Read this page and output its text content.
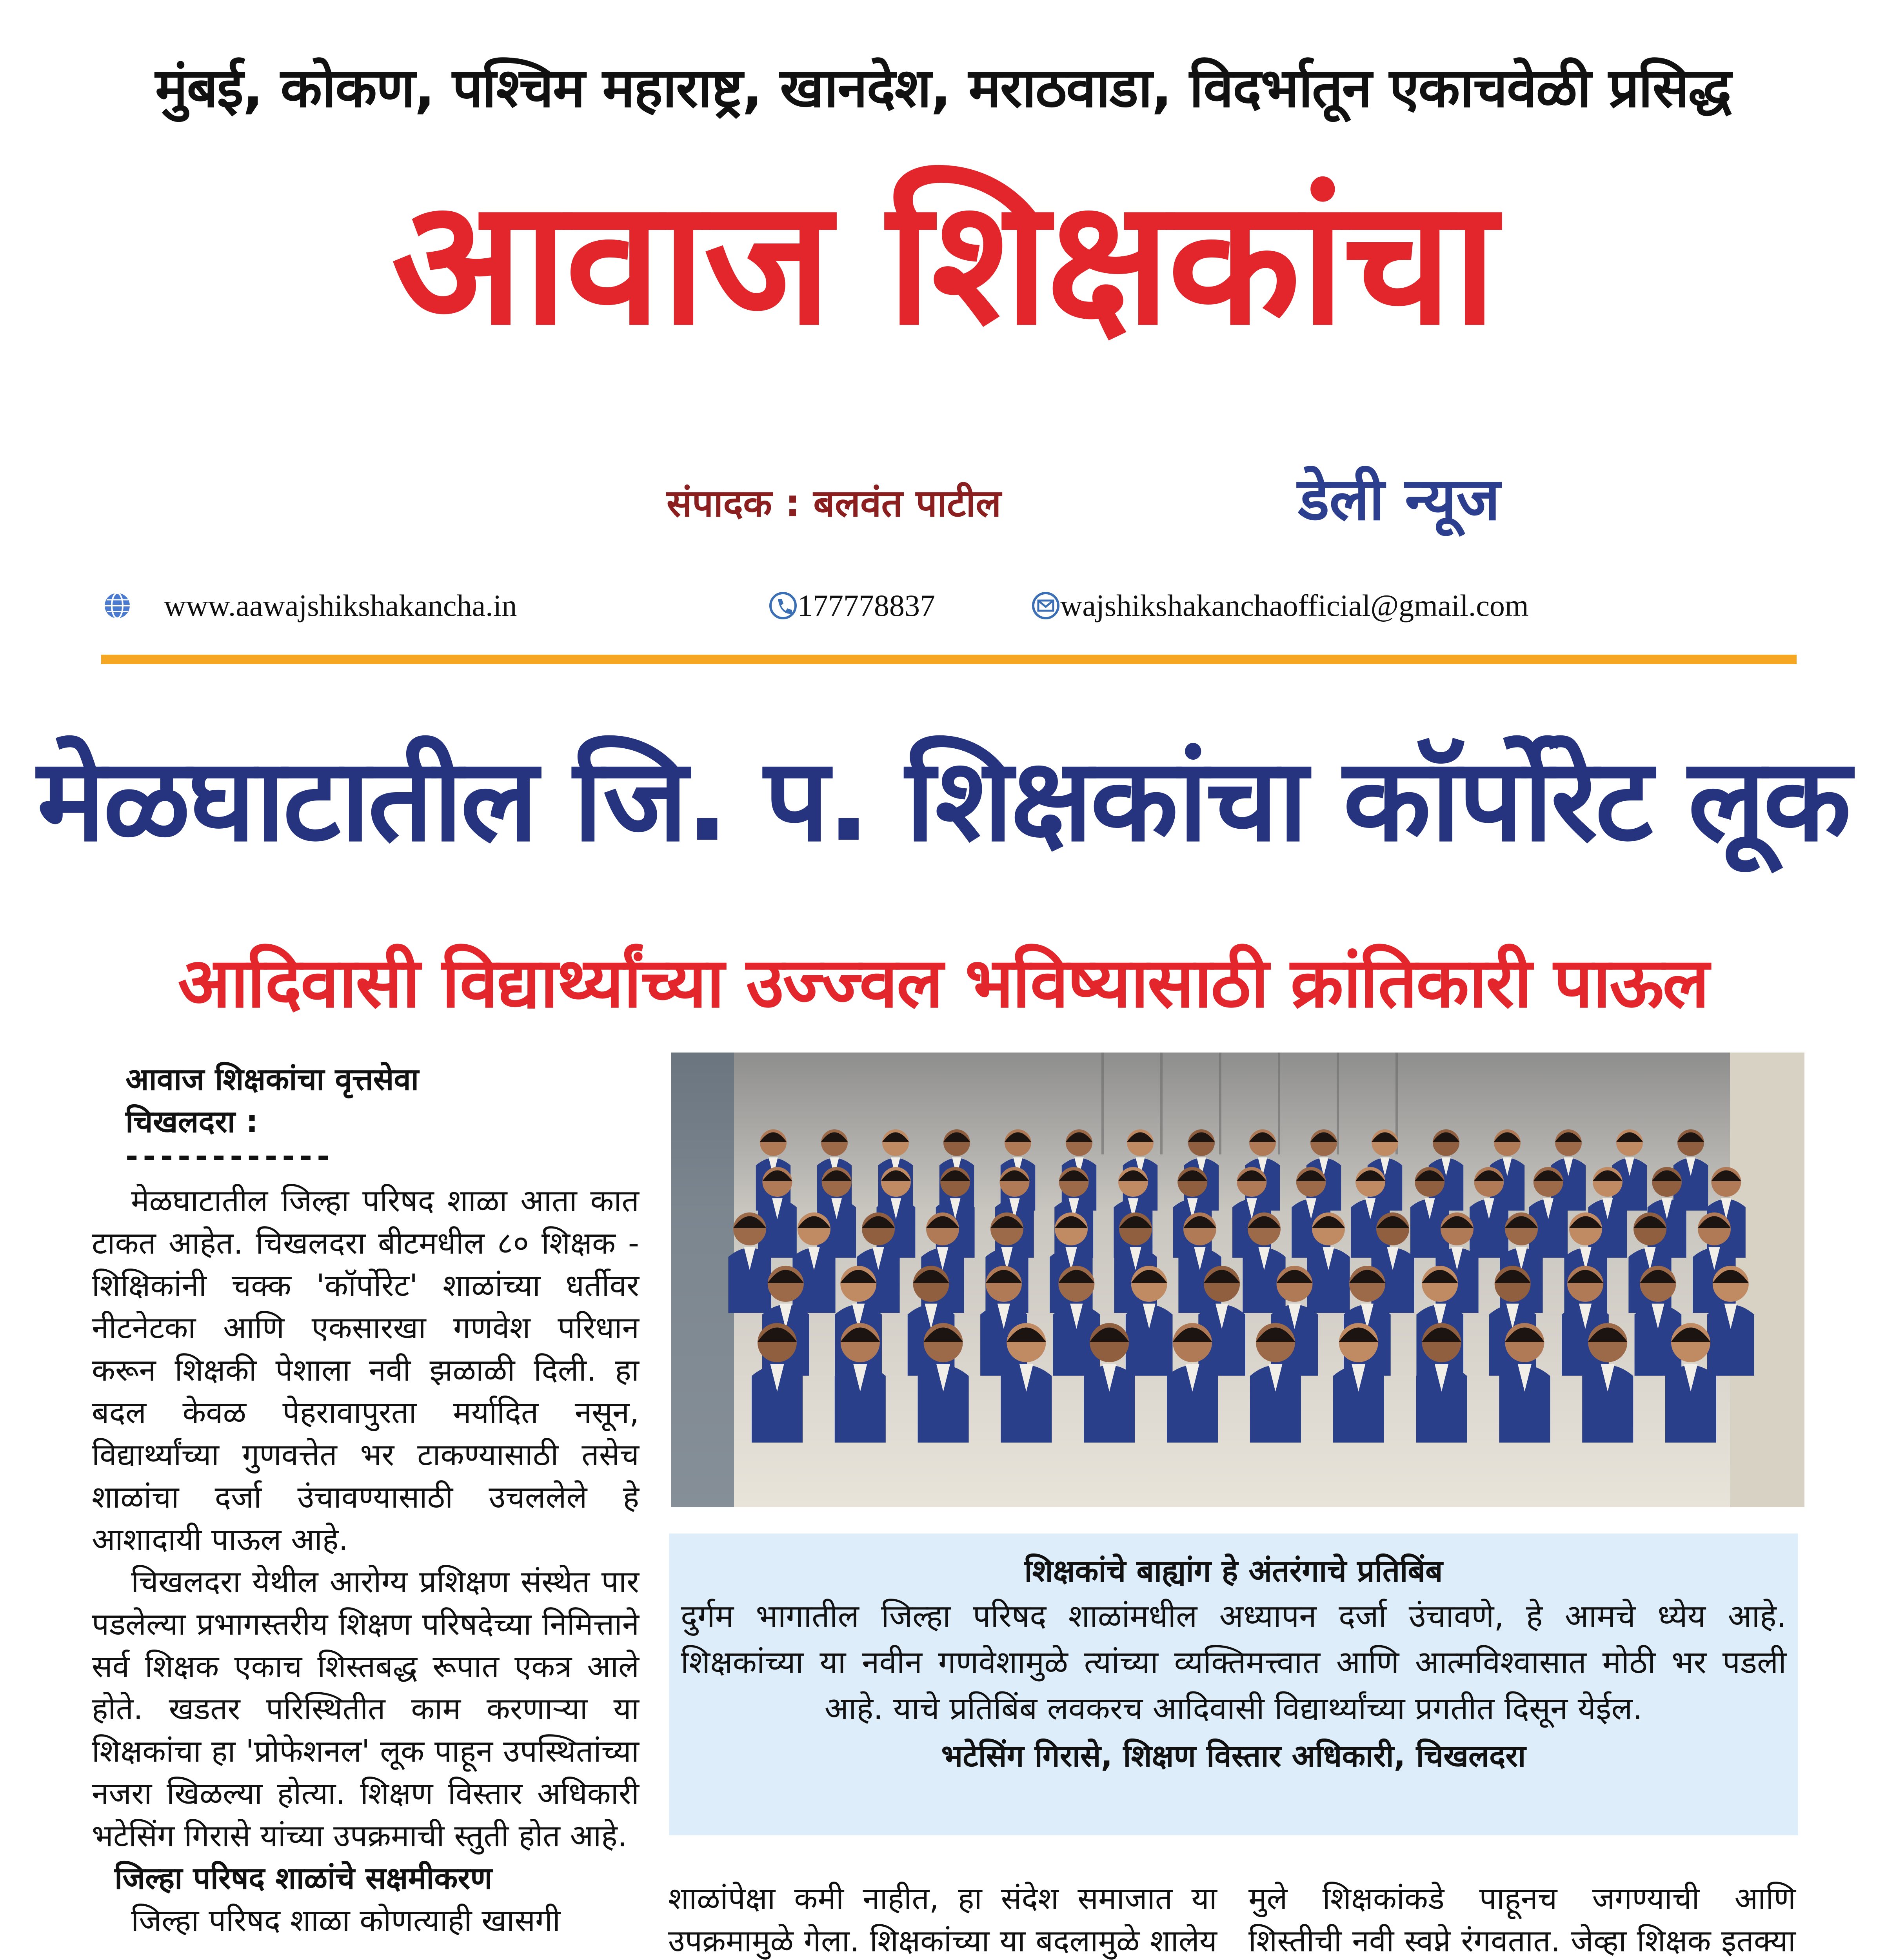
मुंबई, कोकण, पश्चिम महाराष्ट्र, खानदेश, मराठवाडा, विदर्भातून एकाचवेळी प्रसिद्ध
आवाज शिक्षकांचा
संपादक : बलवंत पाटील	डेली न्यूज
www.aawajshikshakancha.in	177778837	wajshikshakanchaofficial@gmail.com
मेळघाटातील जि. प. शिक्षकांचा कॉर्पोरेट लूक
आदिवासी विद्यार्थ्यांच्या उज्ज्वल भविष्यासाठी क्रांतिकारी पाऊल
आवाज शिक्षकांचा वृत्तसेवा
चिखलदरा :
------------

मेळघाटातील जिल्हा परिषद शाळा आता कात टाकत आहेत. चिखलदरा बीटमधील ८० शिक्षक - शिक्षिकांनी चक्क 'कॉर्पोरेट' शाळांच्या धर्तीवर नीटनेटका आणि एकसारखा गणवेश परिधान करून शिक्षकी पेशाला नवी झळाळी दिली. हा बदल केवळ पेहरावापुरता मर्यादित नसून, विद्यार्थ्यांच्या गुणवत्तेत भर टाकण्यासाठी तसेच शाळांचा दर्जा उंचावण्यासाठी उचललेले हे आशादायी पाऊल आहे.

चिखलदरा येथील आरोग्य प्रशिक्षण संस्थेत पार पडलेल्या प्रभागस्तरीय शिक्षण परिषदेच्या निमित्ताने सर्व शिक्षक एकाच शिस्तबद्ध रूपात एकत्र आले होते. खडतर परिस्थितीत काम करणाऱ्या या शिक्षकांचा हा 'प्रोफेशनल' लूक पाहून उपस्थितांच्या नजरा खिळल्या होत्या. शिक्षण विस्तार अधिकारी भटेसिंग गिरासे यांच्या उपक्रमाची स्तुती होत आहे.

जिल्हा परिषद शाळांचे सक्षमीकरण

जिल्हा परिषद शाळा कोणत्याही खासगी

शिक्षकांचे बाह्यांग हे अंतरंगाचे प्रतिबिंब
दुर्गम भागातील जिल्हा परिषद शाळांमधील अध्यापन दर्जा उंचावणे, हे आमचे ध्येय आहे. शिक्षकांच्या या नवीन गणवेशामुळे त्यांच्या व्यक्तिमत्त्वात आणि आत्मविश्वासात मोठी भर पडली आहे. याचे प्रतिबिंब लवकरच आदिवासी विद्यार्थ्यांच्या प्रगतीत दिसून येईल.
भटेसिंग गिरासे, शिक्षण विस्तार अधिकारी, चिखलदरा

शाळांपेक्षा कमी नाहीत, हा संदेश समाजात या उपक्रमामुळे गेला. शिक्षकांच्या या बदलामुळे शालेय

मुले शिक्षकांकडे पाहूनच जगण्याची आणि शिस्तीची नवी स्वप्ने रंगवतात. जेव्हा शिक्षक इतक्या
